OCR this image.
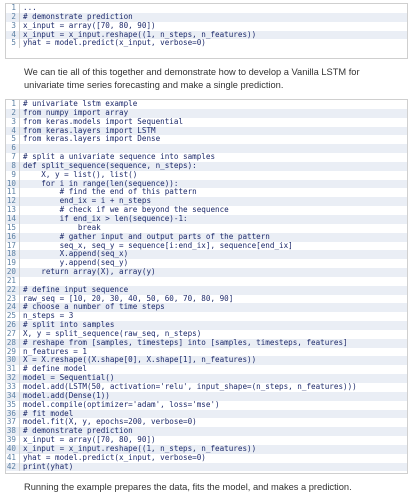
1 ...
2 # demonstrate prediction
3 x_input = array([70, 80, 90])
4 x_input = x_input.reshape((1, n_steps, n_features))
5 yhat = model.predict(x_input, verbose=0)

We can tie all of this together and demonstrate how to develop a Vanilla LSTM for univariate time series forecasting and make a single prediction.

1 # univariate lstm example
2 from numpy import array
3 from keras.models import Sequential
4 from keras.layers import LSTM
5 from keras.layers import Dense
6
7 # split a univariate sequence into samples
8 def split_sequence(sequence, n_steps):
9 X, y = list(), list()
10 for i in range(len(sequence)):
11 # find the end of this pattern
12 end_ix = i + n_steps
13 # check if we are beyond the sequence
14 if end_ix > len(sequence)-1:
15 break
16 # gather input and output parts of the pattern
17 seq_x, seq_y = sequence[i:end_ix], sequence[end_ix]
18 X.append(seq_x)
19 y.append(seq_y)
20 return array(X), array(y)
21
22 # define input sequence
23 raw_seq = [10, 20, 30, 40, 50, 60, 70, 80, 90]
24 # choose a number of time steps
25 n_steps = 3
26 # split into samples
27 X, y = split_sequence(raw_seq, n_steps)
28 # reshape from [samples, timesteps] into [samples, timesteps, features]
29 n_features = 1
30 X = X.reshape((X.shape[0], X.shape[1], n_features))
31 # define model
32 model = Sequential()
33 model.add(LSTM(50, activation='relu', input_shape=(n_steps, n_features)))
34 model.add(Dense(1))
35 model.compile(optimizer='adam', loss='mse')
36 # fit model
37 model.fit(X, y, epochs=200, verbose=0)
38 # demonstrate prediction
39 x_input = array([70, 80, 90])
40 x_input = x_input.reshape((1, n_steps, n_features))
41 yhat = model.predict(x_input, verbose=0)
42 print(yhat)

Running the example prepares the data, fits the model, and makes a prediction.
